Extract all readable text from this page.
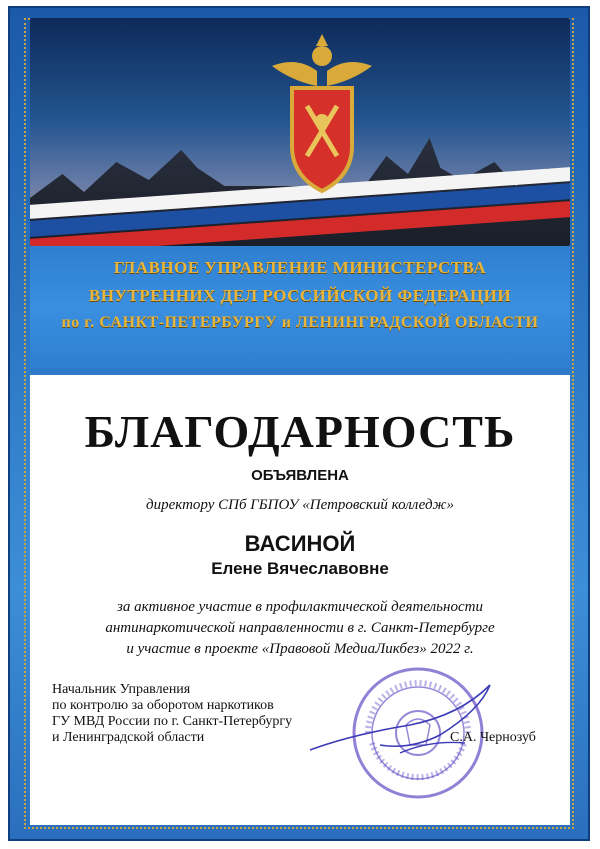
ГЛАВНОЕ УПРАВЛЕНИЕ МИНИСТЕРСТВА
ВНУТРЕННИХ ДЕЛ РОССИЙСКОЙ ФЕДЕРАЦИИ
по г. САНКТ-ПЕТЕРБУРГУ и ЛЕНИНГРАДСКОЙ ОБЛАСТИ
БЛАГОДАРНОСТЬ
ОБЪЯВЛЕНА
директору СПб ГБПОУ «Петровский колледж»
ВАСИНОЙ
Елене Вячеславовне
за активное участие в профилактической деятельности
антинаркотической направленности в г. Санкт-Петербурге
и участие в проекте «Правовой МедиаЛикбез» 2022 г.
Начальник Управления
по контролю за оборотом наркотиков
ГУ МВД России по г. Санкт-Петербургу
и Ленинградской области	С.А. Чернозуб
